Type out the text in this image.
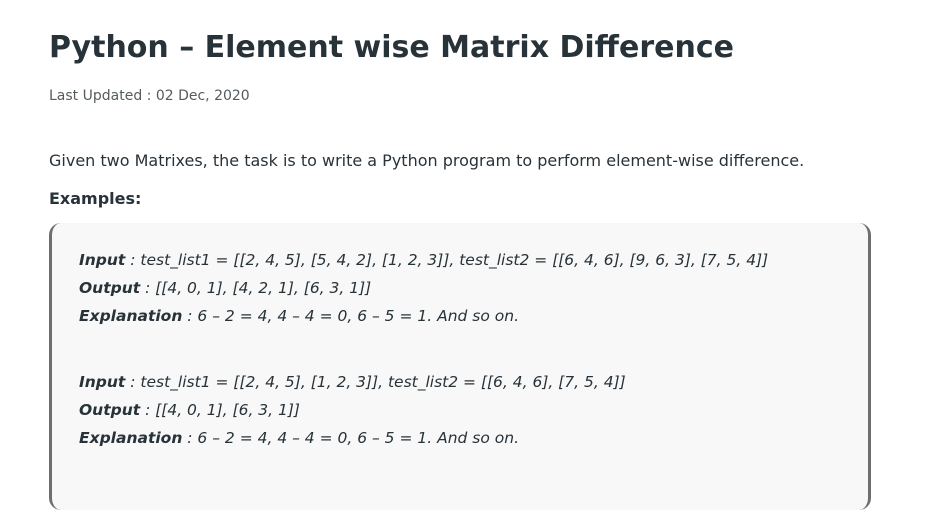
Python – Element wise Matrix Difference
Last Updated : 02 Dec, 2020
Given two Matrixes, the task is to write a Python program to perform element-wise difference.
Examples:
Input : test_list1 = [[2, 4, 5], [5, 4, 2], [1, 2, 3]], test_list2 = [[6, 4, 6], [9, 6, 3], [7, 5, 4]]
Output : [[4, 0, 1], [4, 2, 1], [6, 3, 1]]
Explanation : 6 – 2 = 4, 4 – 4 = 0, 6 – 5 = 1. And so on.
Input : test_list1 = [[2, 4, 5], [1, 2, 3]], test_list2 = [[6, 4, 6], [7, 5, 4]]
Output : [[4, 0, 1], [6, 3, 1]]
Explanation : 6 – 2 = 4, 4 – 4 = 0, 6 – 5 = 1. And so on.
